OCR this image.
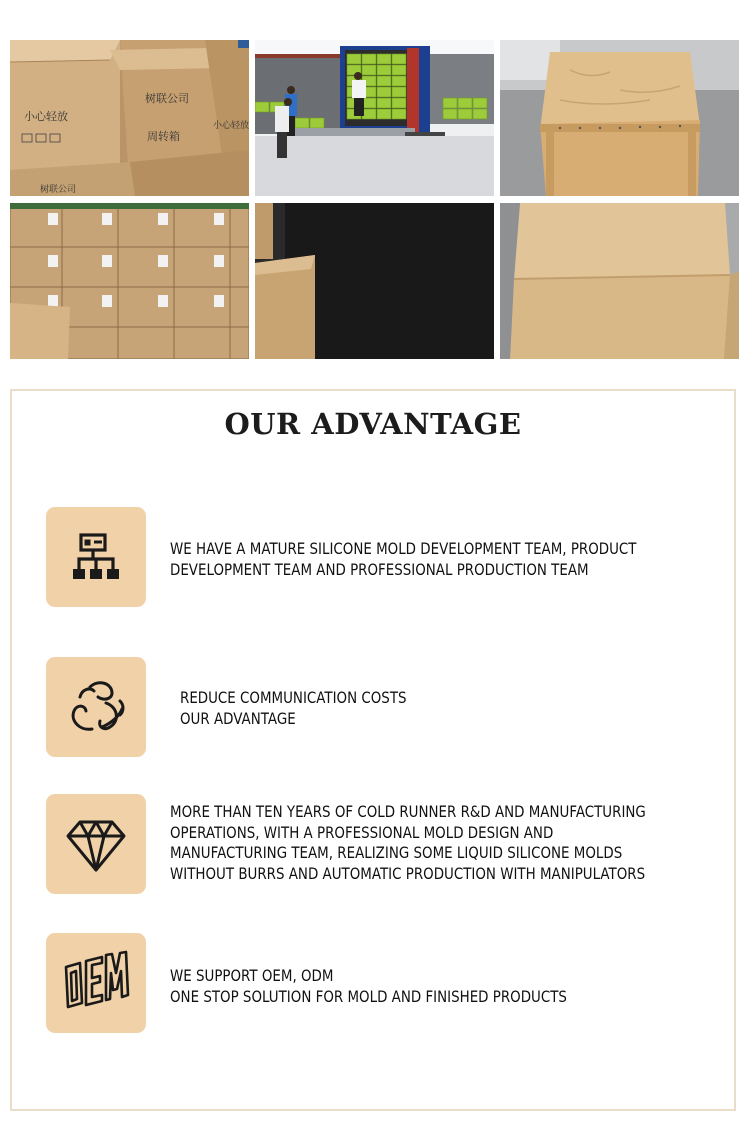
小心轻放
树联公司
周转箱
树联公司
小心轻放
OUR ADVANTAGE
WE HAVE A MATURE SILICONE MOLD DEVELOPMENT TEAM, PRODUCT
DEVELOPMENT TEAM AND PROFESSIONAL PRODUCTION TEAM
REDUCE COMMUNICATION COSTS
OUR ADVANTAGE
MORE THAN TEN YEARS OF COLD RUNNER R&D AND MANUFACTURING
OPERATIONS, WITH A PROFESSIONAL MOLD DESIGN AND
MANUFACTURING TEAM, REALIZING SOME LIQUID SILICONE MOLDS
WITHOUT BURRS AND AUTOMATIC PRODUCTION WITH MANIPULATORS
WE SUPPORT OEM, ODM
ONE STOP SOLUTION FOR MOLD AND FINISHED PRODUCTS
